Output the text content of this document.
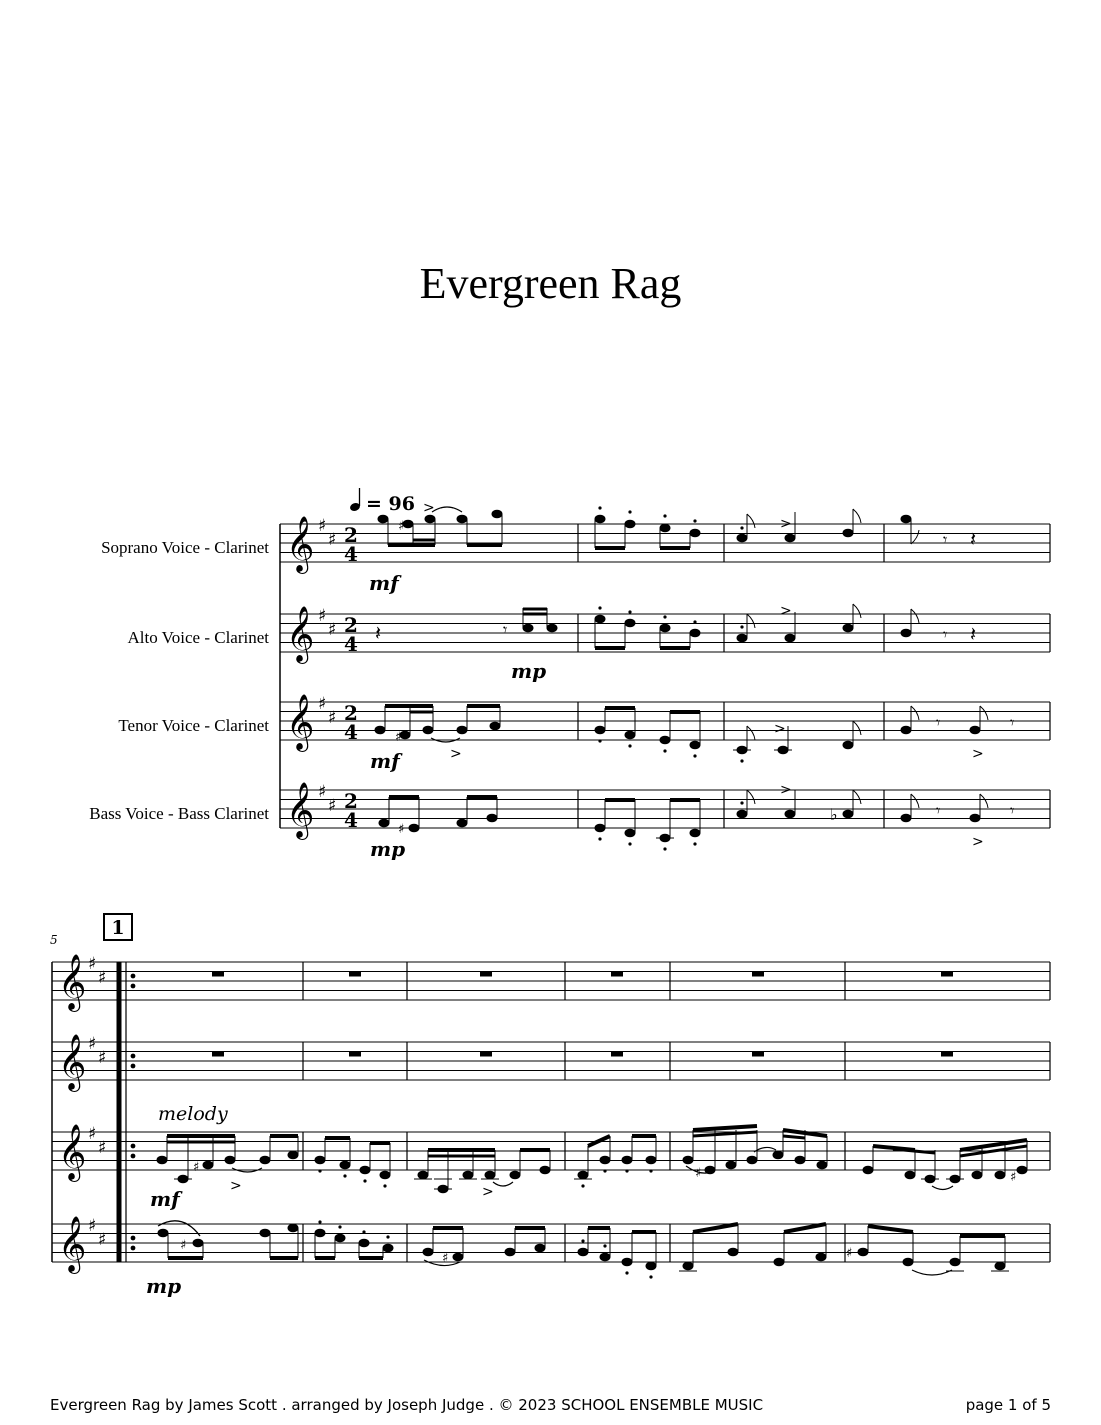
Evergreen Rag
Soprano Voice - Clarinet
Alto Voice - Clarinet
Tenor Voice - Clarinet
Bass Voice - Bass Clarinet
𝄞
𝄞
𝄞
𝄞
♯
♯
♯
♯
♯
♯
♯
♯
2
4
2
4
2
4
2
4
= 96
♯
>
>
𝄾 𝄽
mf
𝄽	𝄾
>
𝄾 𝄽
mp
♯
>
>	𝄾
>
𝄾
mf
♯
>
♭	𝄾
>
𝄾
mp
5
1
𝄞
𝄞
𝄞
𝄞
♯
♯
♯
♯
♯
♯
♯
♯
melody
♯
>	>
♯	♯
mf
♯
♯	♯
mp
Evergreen Rag by James Scott . arranged by Joseph Judge . © 2023 SCHOOL ENSEMBLE MUSIC	page 1 of 5
